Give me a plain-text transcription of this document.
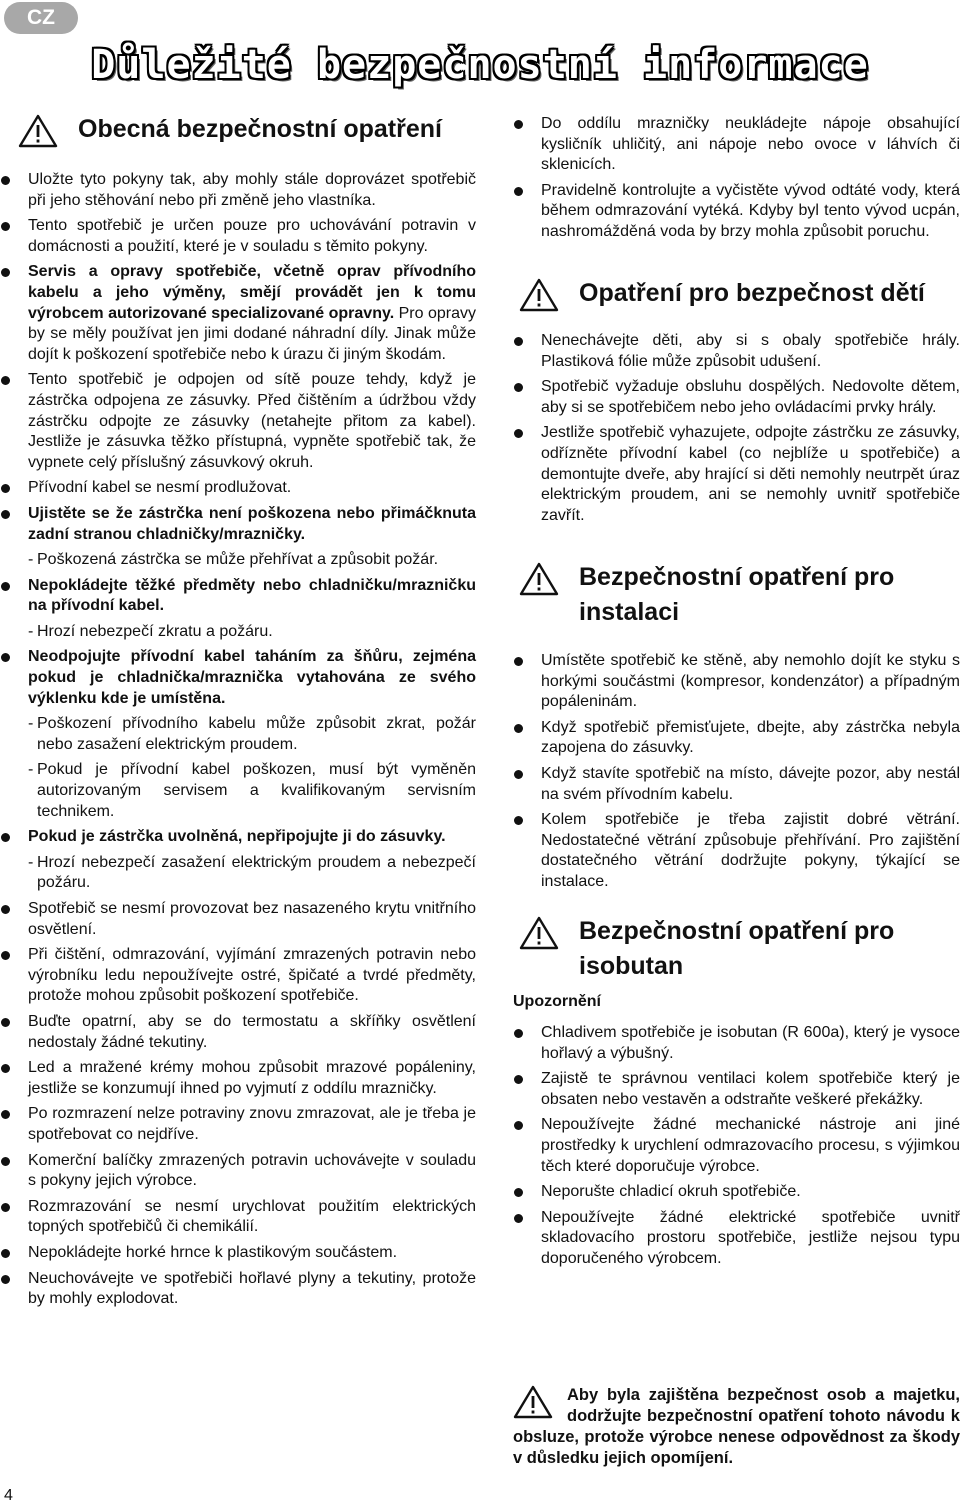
CZ
Důležité bezpečnostní informace
Obecná bezpečnostní opatření
Uložte tyto pokyny tak, aby mohly stále doprovázet spotřebič při jeho stěhování nebo při změně jeho vlastníka.
Tento spotřebič je určen pouze pro uchovávání potravin v domácnosti a použití, které je v souladu s těmito pokyny.
Servis a opravy spotřebiče, včetně oprav přívodního kabelu a jeho výměny, smějí provádět jen k tomu výrobcem autorizované specializované opravny. Pro opravy by se měly používat jen jimi dodané náhradní díly. Jinak může dojít k poškození spotřebiče nebo k úrazu či jiným škodám.
Tento spotřebič je odpojen od sítě pouze tehdy, když je zástrčka odpojena ze zásuvky. Před čištěním a údržbou vždy zástrčku odpojte ze zásuvky (netahejte přitom za kabel). Jestliže je zásuvka těžko přístupná, vypněte spotřebič tak, že vypnete celý příslušný zásuvkový okruh.
Přívodní kabel se nesmí prodlužovat.
Ujistěte se že zástrčka není poškozena nebo přimáčknuta zadní stranou chladničky/mrazničky.
- Poškozená zástrčka se může přehřívat a způsobit požár.
Nepokládejte těžké předměty nebo chladničku/mrazničku na přívodní kabel.
- Hrozí nebezpečí zkratu a požáru.
Neodpojujte přívodní kabel taháním za šňůru, zejména pokud je chladnička/mraznička vytahována ze svého výklenku kde je umístěna.
- Poškození přívodního kabelu může způsobit zkrat, požár nebo zasažení elektrickým proudem.
- Pokud je přívodní kabel poškozen, musí být vyměněn autorizovaným servisem a kvalifikovaným servisním technikem.
Pokud je zástrčka uvolněná, nepřipojujte ji do zásuvky.
- Hrozí nebezpečí zasažení elektrickým proudem a nebezpečí požáru.
Spotřebič se nesmí provozovat bez nasazeného krytu vnitřního osvětlení.
Při čištění, odmrazování, vyjímání zmrazených potravin nebo výrobníku ledu nepoužívejte ostré, špičaté a tvrdé předměty, protože mohou způsobit poškození spotřebiče.
Buďte opatrní, aby se do termostatu a skříňky osvětlení nedostaly žádné tekutiny.
Led a mražené krémy mohou způsobit mrazové popáleniny, jestliže se konzumují ihned po vyjmutí z oddílu mrazničky.
Po rozmrazení nelze potraviny znovu zmrazovat, ale je třeba je spotřebovat co nejdříve.
Komerční balíčky zmrazených potravin uchovávejte v souladu s pokyny jejich výrobce.
Rozmrazování se nesmí urychlovat použitím elektrických topných spotřebičů či chemikálií.
Nepokládejte horké hrnce k plastikovým součástem.
Neuchovávejte ve spotřebiči hořlavé plyny a tekutiny, protože by mohly explodovat.
Do oddílu mrazničky neukládejte nápoje obsahující kysličník uhličitý, ani nápoje nebo ovoce v láhvích či sklenicích.
Pravidelně kontrolujte a vyčistěte vývod odtáté vody, která během odmrazování vytéká. Kdyby byl tento vývod ucpán, nashromážděná voda by brzy mohla způsobit poruchu.
Opatření pro bezpečnost dětí
Nenechávejte děti, aby si s obaly spotřebiče hrály. Plastiková fólie může způsobit udušení.
Spotřebič vyžaduje obsluhu dospělých. Nedovolte dětem, aby si se spotřebičem nebo jeho ovládacími prvky hrály.
Jestliže spotřebič vyhazujete, odpojte zástrčku ze zásuvky, odřízněte přívodní kabel (co nejblíže u spotřebiče) a demontujte dveře, aby hrající si děti nemohly neutrpět úraz elektrickým proudem, ani se nemohly uvnitř spotřebiče zavřít.
Bezpečnostní opatření pro instalaci
Umístěte spotřebič ke stěně, aby nemohlo dojít ke styku s horkými součástmi (kompresor, kondenzátor) a případným popáleninám.
Když spotřebič přemisťujete, dbejte, aby zástrčka nebyla zapojena do zásuvky.
Když stavíte spotřebič na místo, dávejte pozor, aby nestál na svém přívodním kabelu.
Kolem spotřebiče je třeba zajistit dobré větrání. Nedostatečné větrání způsobuje přehřívání. Pro zajištění dostatečného větrání dodržujte pokyny, týkající se instalace.
Bezpečnostní opatření pro isobutan
Upozornění
Chladivem spotřebiče je isobutan (R 600a), který je vysoce hořlavý a výbušný.
Zajistě te správnou ventilaci kolem spotřebiče který je obsaten nebo vestavěn a odstraňte veškeré překážky.
Nepoužívejte žádné mechanické nástroje ani jiné prostředky k urychlení odmrazovacího procesu, s výjimkou těch které doporučuje výrobce.
Neporušte chladicí okruh spotřebiče.
Nepoužívejte žádné elektrické spotřebiče uvnitř skladovacího prostoru spotřebiče, jestliže nejsou typu doporučeného výrobcem.
Aby byla zajištěna bezpečnost osob a majetku, dodržujte bezpečnostní opatření tohoto návodu k obsluze, protože výrobce nenese odpovědnost za škody v důsledku jejich opomíjení.
4
